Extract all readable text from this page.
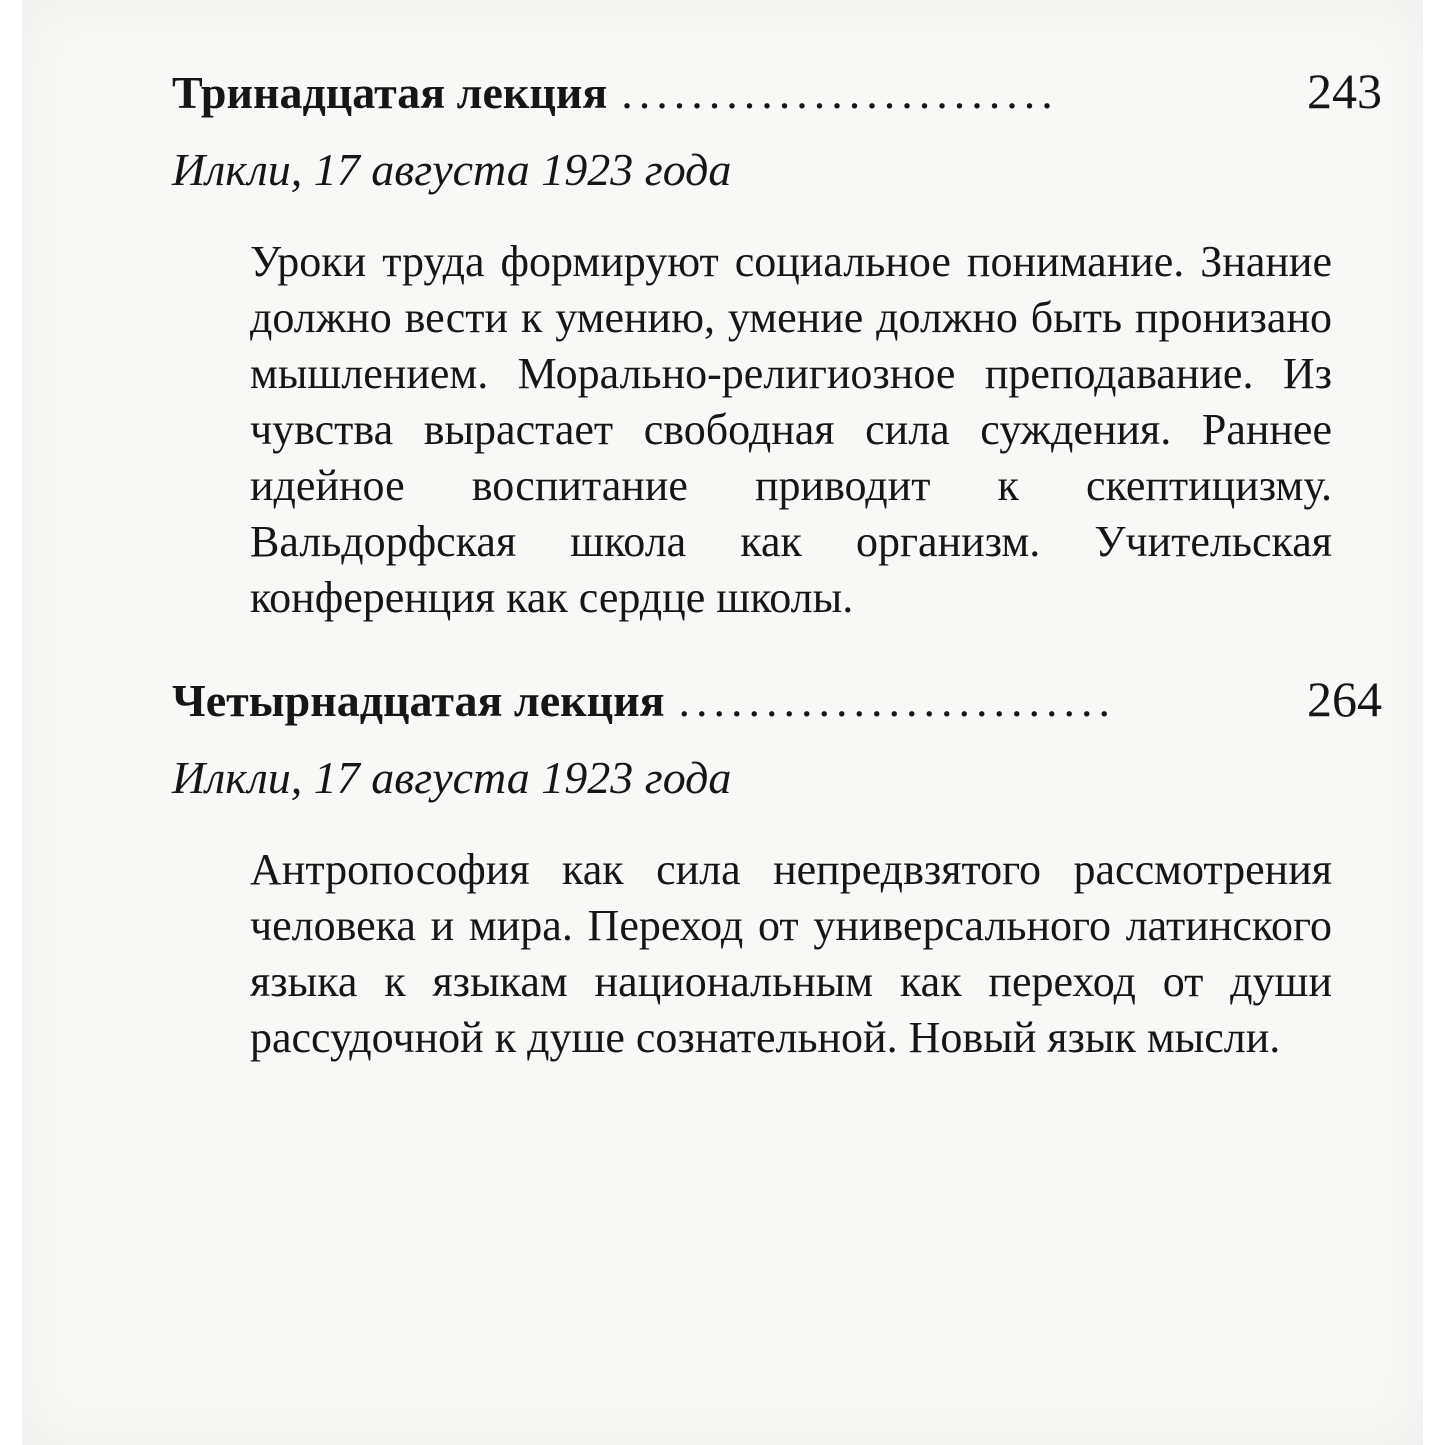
Тринадцатая лекция .........................	243
Илкли, 17 августа 1923 года
Уроки труда формируют социальное понимание. Знание должно вести к умению, умение должно быть пронизано мышлением. Морально-религиозное преподавание. Из чувства вырастает свободная сила суждения. Раннее идейное воспитание приводит к скептицизму. Вальдорфская школа как организм. Учительская конференция как сердце школы.
Четырнадцатая лекция .........................	264
Илкли, 17 августа 1923 года
Антропософия как сила непредвзятого рассмотрения человека и мира. Переход от универсального латинского языка к языкам национальным как переход от души рассудочной к душе сознательной. Новый язык мысли.
